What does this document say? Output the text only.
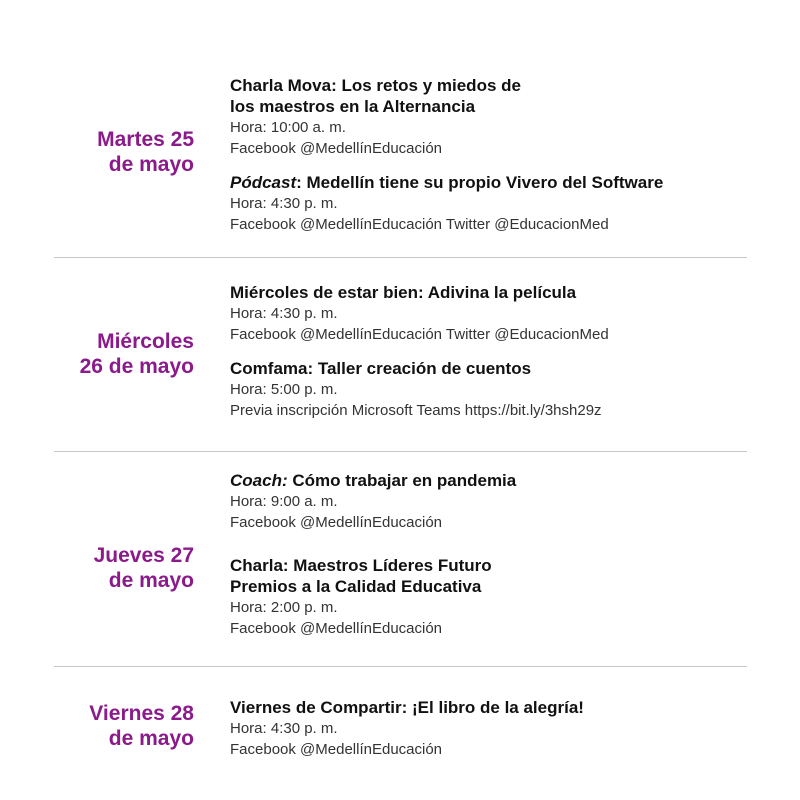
Martes 25
de mayo
Charla Mova: Los retos y miedos de
los maestros en la Alternancia
Hora: 10:00 a. m.
Facebook @MedellínEducación
Pódcast: Medellín tiene su propio Vivero del Software
Hora: 4:30 p. m.
Facebook @MedellínEducación Twitter @EducacionMed
Miércoles
26 de mayo
Miércoles de estar bien: Adivina la película
Hora: 4:30 p. m.
Facebook @MedellínEducación Twitter @EducacionMed
Comfama: Taller creación de cuentos
Hora: 5:00 p. m.
Previa inscripción Microsoft Teams https://bit.ly/3hsh29z
Jueves 27
de mayo
Coach: Cómo trabajar en pandemia
Hora: 9:00 a. m.
Facebook @MedellínEducación
Charla: Maestros Líderes Futuro
Premios a la Calidad Educativa
Hora: 2:00 p. m.
Facebook @MedellínEducación
Viernes 28
de mayo
Viernes de Compartir: ¡El libro de la alegría!
Hora: 4:30 p. m.
Facebook @MedellínEducación
